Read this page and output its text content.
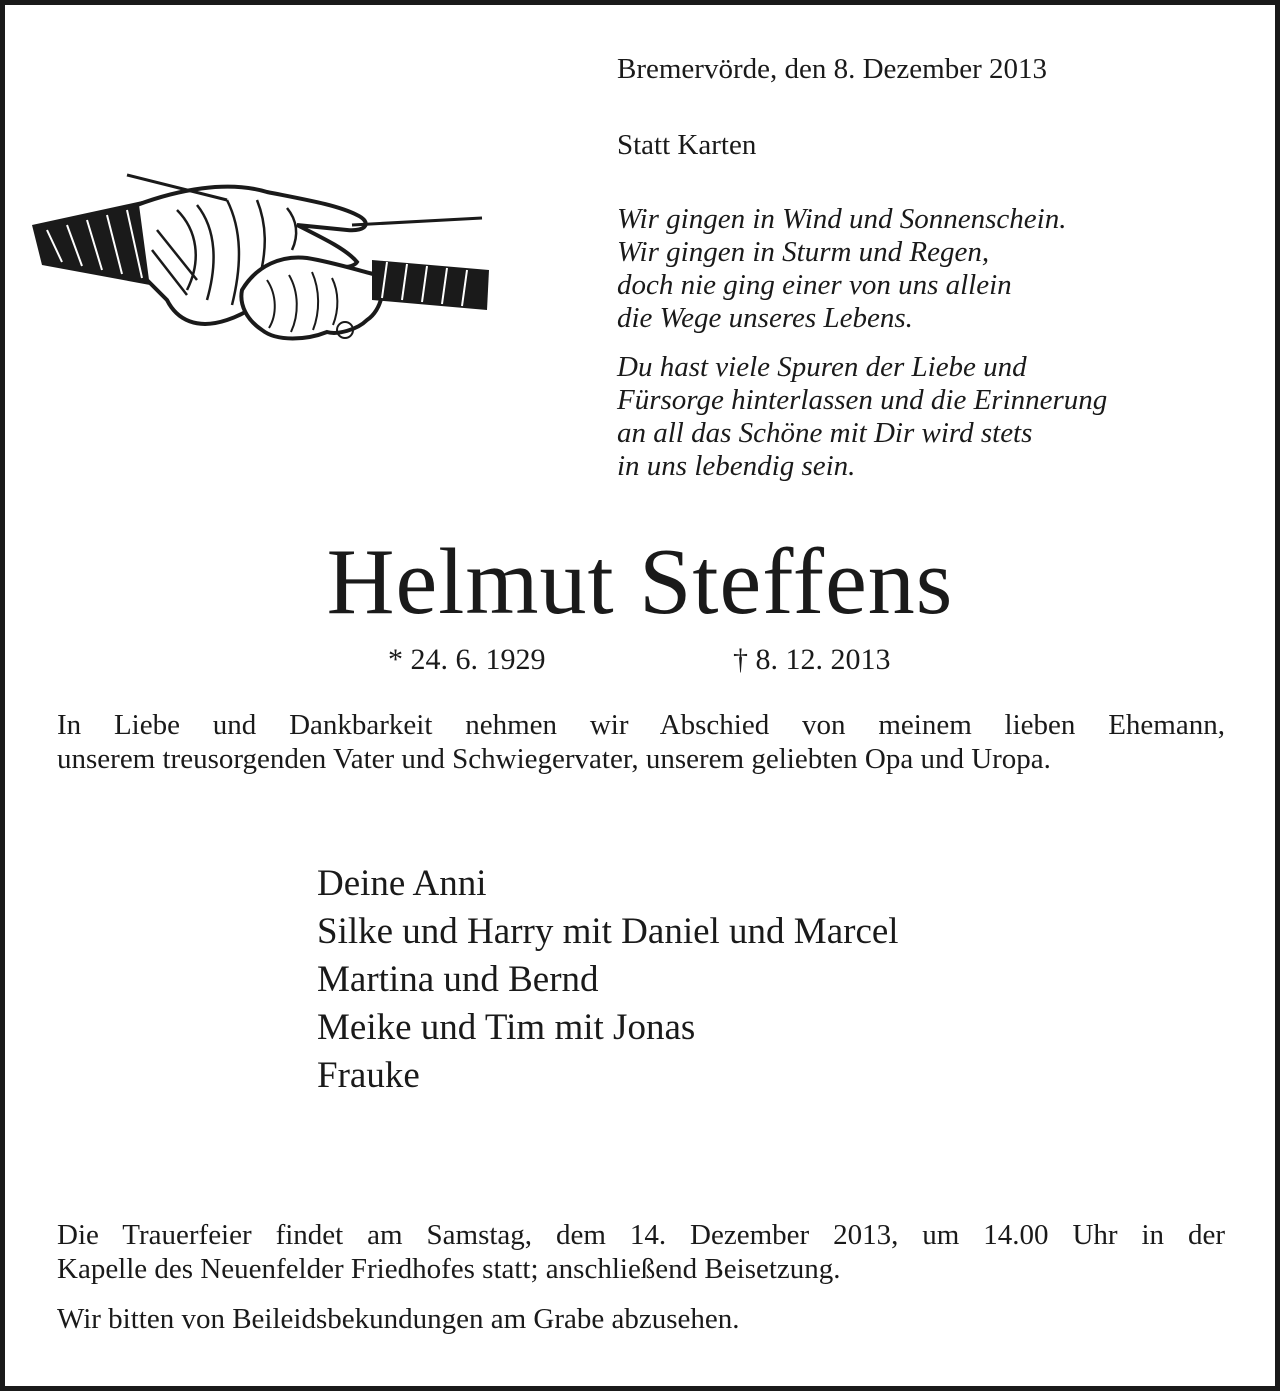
Bremervörde, den 8. Dezember 2013

Statt Karten

Wir gingen in Wind und Sonnenschein.
Wir gingen in Sturm und Regen,
doch nie ging einer von uns allein
die Wege unseres Lebens.
Du hast viele Spuren der Liebe und
Fürsorge hinterlassen und die Erinnerung
an all das Schöne mit Dir wird stets
in uns lebendig sein.
Helmut Steffens

* 24. 6. 1929	† 8. 12. 2013

In Liebe und Dankbarkeit nehmen wir Abschied von meinem lieben Ehemann,
unserem treusorgenden Vater und Schwiegervater, unserem geliebten Opa und Uropa.
Deine Anni
Silke und Harry mit Daniel und Marcel
Martina und Bernd
Meike und Tim mit Jonas
Frauke
Die Trauerfeier findet am Samstag, dem 14. Dezember 2013, um 14.00 Uhr in der
Kapelle des Neuenfelder Friedhofes statt; anschließend Beisetzung.

Wir bitten von Beileidsbekundungen am Grabe abzusehen.
